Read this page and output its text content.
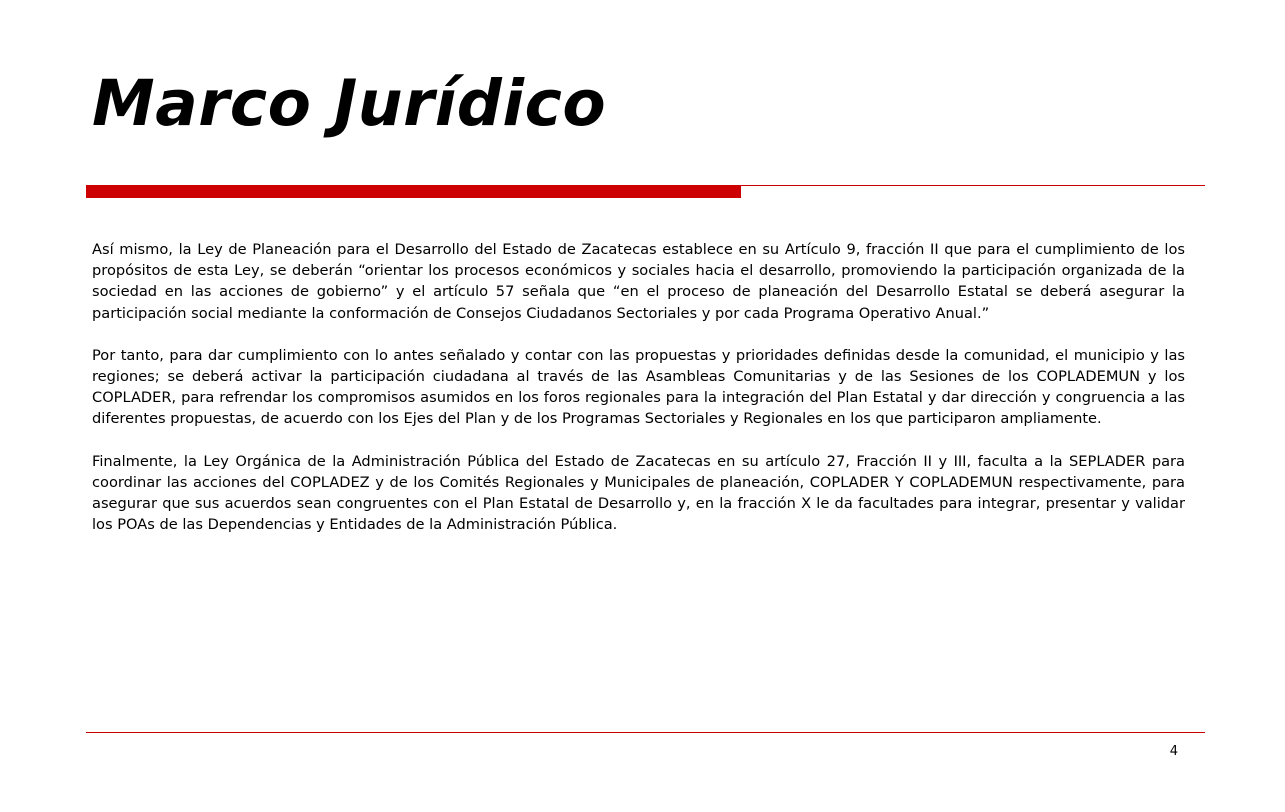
Marco Jurídico

Así mismo, la Ley de Planeación para el Desarrollo del Estado de Zacatecas establece en su Artículo 9, fracción II que para el cumplimiento de los propósitos de esta Ley, se deberán “orientar los procesos económicos y sociales hacia el desarrollo, promoviendo la participación organizada de la sociedad en las acciones de gobierno” y el artículo 57 señala que “en el proceso de planeación del Desarrollo Estatal se deberá asegurar la participación social mediante la conformación de Consejos Ciudadanos Sectoriales y por cada Programa Operativo Anual.”

Por tanto, para dar cumplimiento con lo antes señalado y contar con las propuestas y prioridades definidas desde la comunidad, el municipio y las regiones; se deberá activar la participación ciudadana al través de las Asambleas Comunitarias y de las Sesiones de los COPLADEMUN y los COPLADER, para refrendar los compromisos asumidos en los foros regionales para la integración del Plan Estatal y dar dirección y congruencia a las diferentes propuestas, de acuerdo con los Ejes del Plan y de los Programas Sectoriales y Regionales en los que participaron ampliamente.

Finalmente, la Ley Orgánica de la Administración Pública del Estado de Zacatecas en su artículo 27, Fracción II y III, faculta a la SEPLADER para coordinar las acciones del COPLADEZ y de los Comités Regionales y Municipales de planeación, COPLADER Y COPLADEMUN respectivamente, para asegurar que sus acuerdos sean congruentes con el Plan Estatal de Desarrollo y, en la fracción X le da facultades para integrar, presentar y validar los POAs de las Dependencias y Entidades de la Administración Pública.

4
